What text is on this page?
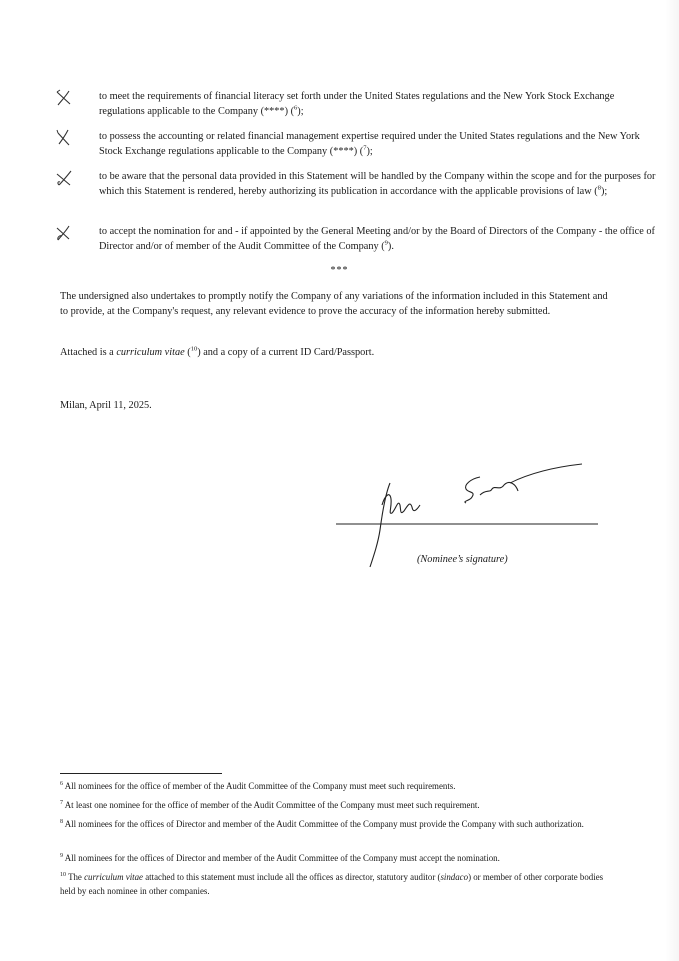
to meet the requirements of financial literacy set forth under the United States regulations and the New York Stock Exchange regulations applicable to the Company (****) ($^6$);
to possess the accounting or related financial management expertise required under the United States regulations and the New York Stock Exchange regulations applicable to the Company (****) ($^7$);
to be aware that the personal data provided in this Statement will be handled by the Company within the scope and for the purposes for which this Statement is rendered, hereby authorizing its publication in accordance with the applicable provisions of law ($^8$);
to accept the nomination for and - if appointed by the General Meeting and/or by the Board of Directors of the Company - the office of Director and/or of member of the Audit Committee of the Company ($^9$).
***
The undersigned also undertakes to promptly notify the Company of any variations of the information included in this Statement and to provide, at the Company's request, any relevant evidence to prove the accuracy of the information hereby submitted.
Attached is a curriculum vitae ($^{10}$) and a copy of a current ID Card/Passport.
Milan, April 11, 2025.
(Nominee’s signature)
$^6$ All nominees for the office of member of the Audit Committee of the Company must meet such requirements.
$^7$ At least one nominee for the office of member of the Audit Committee of the Company must meet such requirement.
$^8$ All nominees for the offices of Director and member of the Audit Committee of the Company must provide the Company with such authorization.
$^9$ All nominees for the offices of Director and member of the Audit Committee of the Company must accept the nomination.
$^{10}$ The curriculum vitae attached to this statement must include all the offices as director, statutory auditor (sindaco) or member of other corporate bodies held by each nominee in other companies.
